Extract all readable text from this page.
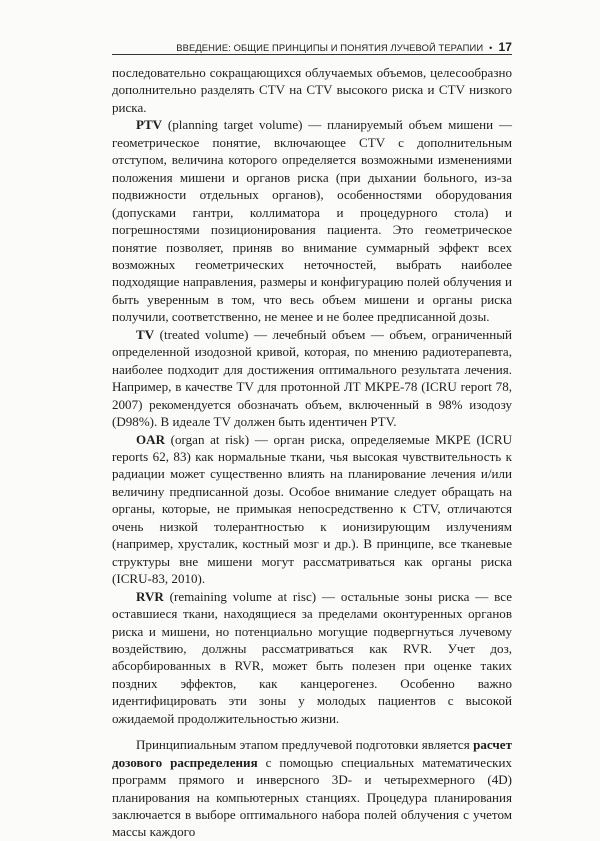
ВВЕДЕНИЕ: ОБЩИЕ ПРИНЦИПЫ И ПОНЯТИЯ ЛУЧЕВОЙ ТЕРАПИИ • 17

последовательно сокращающихся облучаемых объемов, целесообразно дополнительно разделять CTV на CTV высокого риска и CTV низкого риска.

PTV (planning target volume) — планируемый объем мишени — геометрическое понятие, включающее CTV с дополнительным отступом, величина которого определяется возможными изменениями положения мишени и органов риска (при дыхании больного, из-за подвижности отдельных органов), особенностями оборудования (допусками гантри, коллиматора и процедурного стола) и погрешностями позиционирования пациента. Это геометрическое понятие позволяет, приняв во внимание суммарный эффект всех возможных геометрических неточностей, выбрать наиболее подходящие направления, размеры и конфигурацию полей облучения и быть уверенным в том, что весь объем мишени и органы риска получили, соответственно, не менее и не более предписанной дозы.

TV (treated volume) — лечебный объем — объем, ограниченный определенной изодозной кривой, которая, по мнению радиотерапевта, наиболее подходит для достижения оптимального результата лечения. Например, в качестве TV для протонной ЛТ МКРЕ-78 (ICRU report 78, 2007) рекомендуется обозначать объем, включенный в 98% изодозу (D98%). В идеале TV должен быть идентичен PTV.

OAR (organ at risk) — орган риска, определяемые МКРЕ (ICRU reports 62, 83) как нормальные ткани, чья высокая чувствительность к радиации может существенно влиять на планирование лечения и/или величину предписанной дозы. Особое внимание следует обращать на органы, которые, не примыкая непосредственно к CTV, отличаются очень низкой толерантностью к ионизирующим излучениям (например, хрусталик, костный мозг и др.). В принципе, все тканевые структуры вне мишени могут рассматриваться как органы риска (ICRU-83, 2010).

RVR (remaining volume at risc) — остальные зоны риска — все оставшиеся ткани, находящиеся за пределами оконтуренных органов риска и мишени, но потенциально могущие подвергнуться лучевому воздействию, должны рассматриваться как RVR. Учет доз, абсорбированных в RVR, может быть полезен при оценке таких поздних эффектов, как канцерогенез. Особенно важно идентифицировать эти зоны у молодых пациентов с высокой ожидаемой продолжительностью жизни.

Принципиальным этапом предлучевой подготовки является расчет дозового распределения с помощью специальных математических программ прямого и инверсного 3D- и четырехмерного (4D) планирования на компьютерных станциях. Процедура планирования заключается в выборе оптимального набора полей облучения с учетом массы каждого
